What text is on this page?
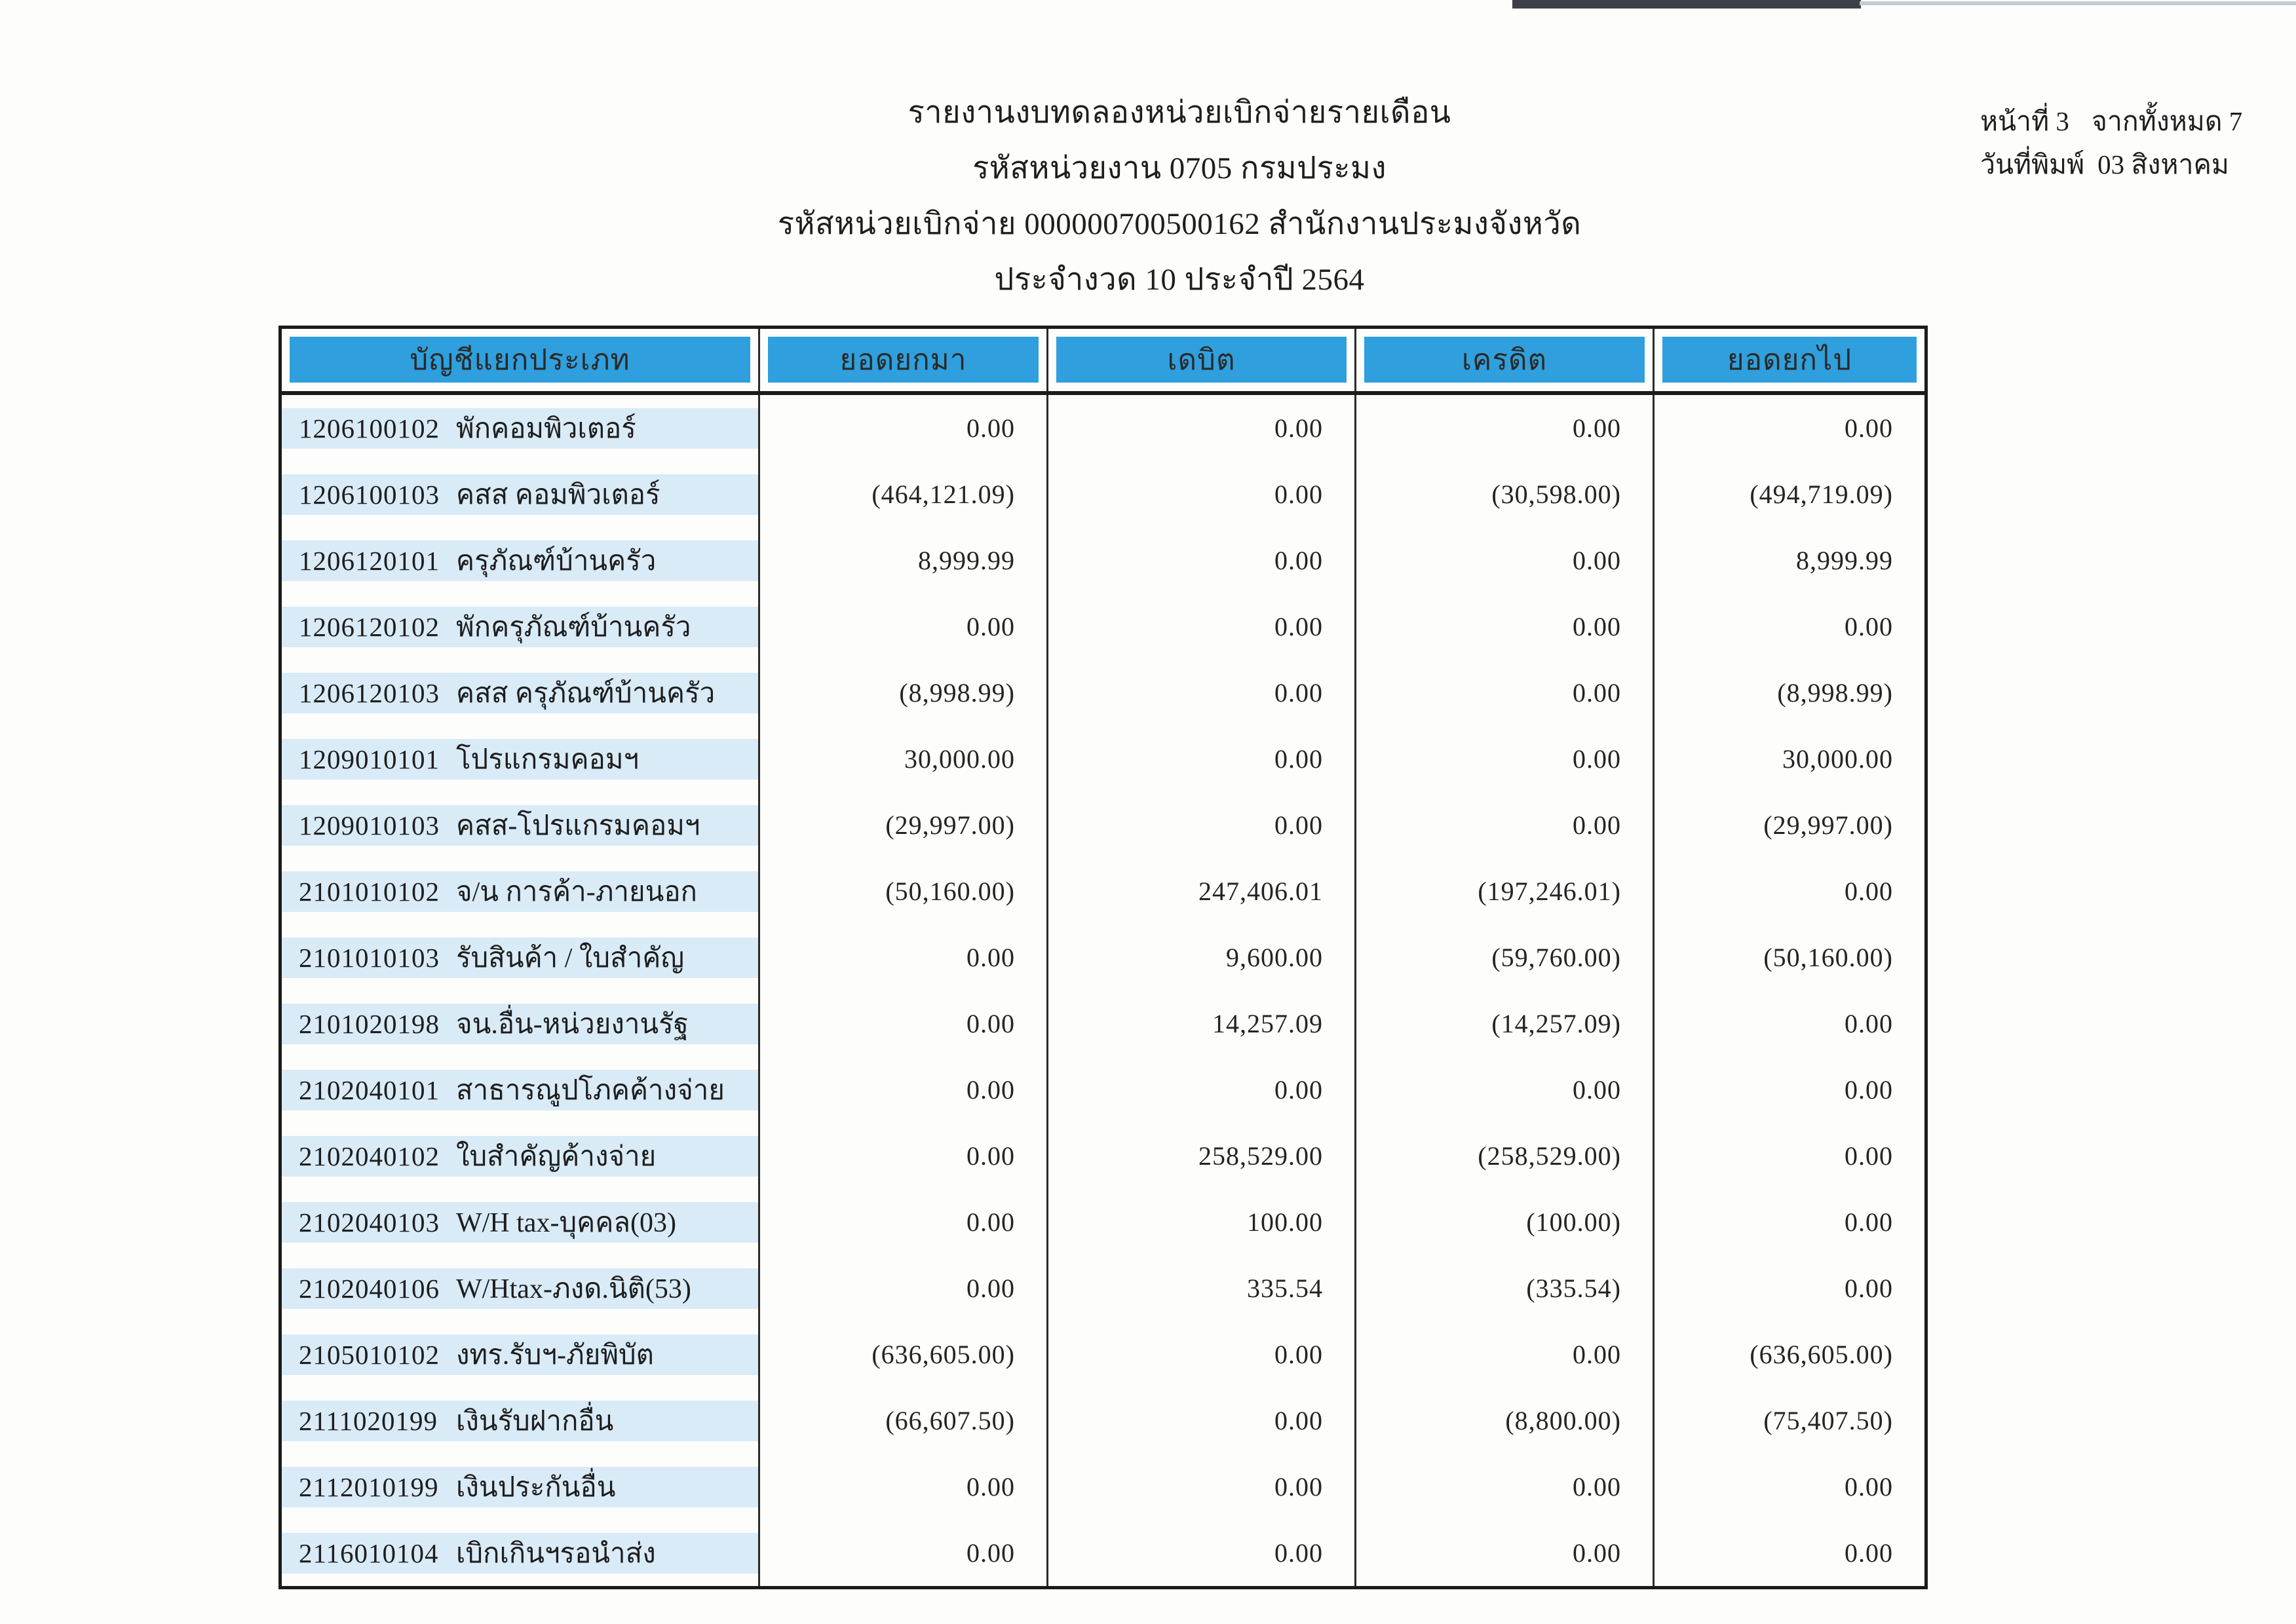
รายงานงบทดลองหน่วยเบิกจ่ายรายเดือน
รหัสหน่วยงาน 0705 กรมประมง
รหัสหน่วยเบิกจ่าย 000000700500162 สำนักงานประมงจังหวัด
ประจำงวด 10 ประจำปี 2564
หน้าที่ 3 จากทั้งหมด 7
วันที่พิมพ์ 03 สิงหาคม
บัญชีแยกประเภท	ยอดยกมา	เดบิต	เครดิต	ยอดยกไป
1206100102 พักคอมพิวเตอร์	0.00	0.00	0.00	0.00
1206100103 คสส คอมพิวเตอร์	(464,121.09)	0.00	(30,598.00)	(494,719.09)
1206120101 ครุภัณฑ์บ้านครัว	8,999.99	0.00	0.00	8,999.99
1206120102 พักครุภัณฑ์บ้านครัว	0.00	0.00	0.00	0.00
1206120103 คสส ครุภัณฑ์บ้านครัว	(8,998.99)	0.00	0.00	(8,998.99)
1209010101 โปรแกรมคอมฯ	30,000.00	0.00	0.00	30,000.00
1209010103 คสส-โปรแกรมคอมฯ	(29,997.00)	0.00	0.00	(29,997.00)
2101010102 จ/น การค้า-ภายนอก	(50,160.00)	247,406.01	(197,246.01)	0.00
2101010103 รับสินค้า / ใบสำคัญ	0.00	9,600.00	(59,760.00)	(50,160.00)
2101020198 จน.อื่น-หน่วยงานรัฐ	0.00	14,257.09	(14,257.09)	0.00
2102040101 สาธารณูปโภคค้างจ่าย	0.00	0.00	0.00	0.00
2102040102 ใบสำคัญค้างจ่าย	0.00	258,529.00	(258,529.00)	0.00
2102040103 W/H tax-บุคคล(03)	0.00	100.00	(100.00)	0.00
2102040106 W/Htax-ภงด.นิติ(53)	0.00	335.54	(335.54)	0.00
2105010102 งทร.รับฯ-ภัยพิบัต	(636,605.00)	0.00	0.00	(636,605.00)
2111020199 เงินรับฝากอื่น	(66,607.50)	0.00	(8,800.00)	(75,407.50)
2112010199 เงินประกันอื่น	0.00	0.00	0.00	0.00
2116010104 เบิกเกินฯรอนำส่ง	0.00	0.00	0.00	0.00
